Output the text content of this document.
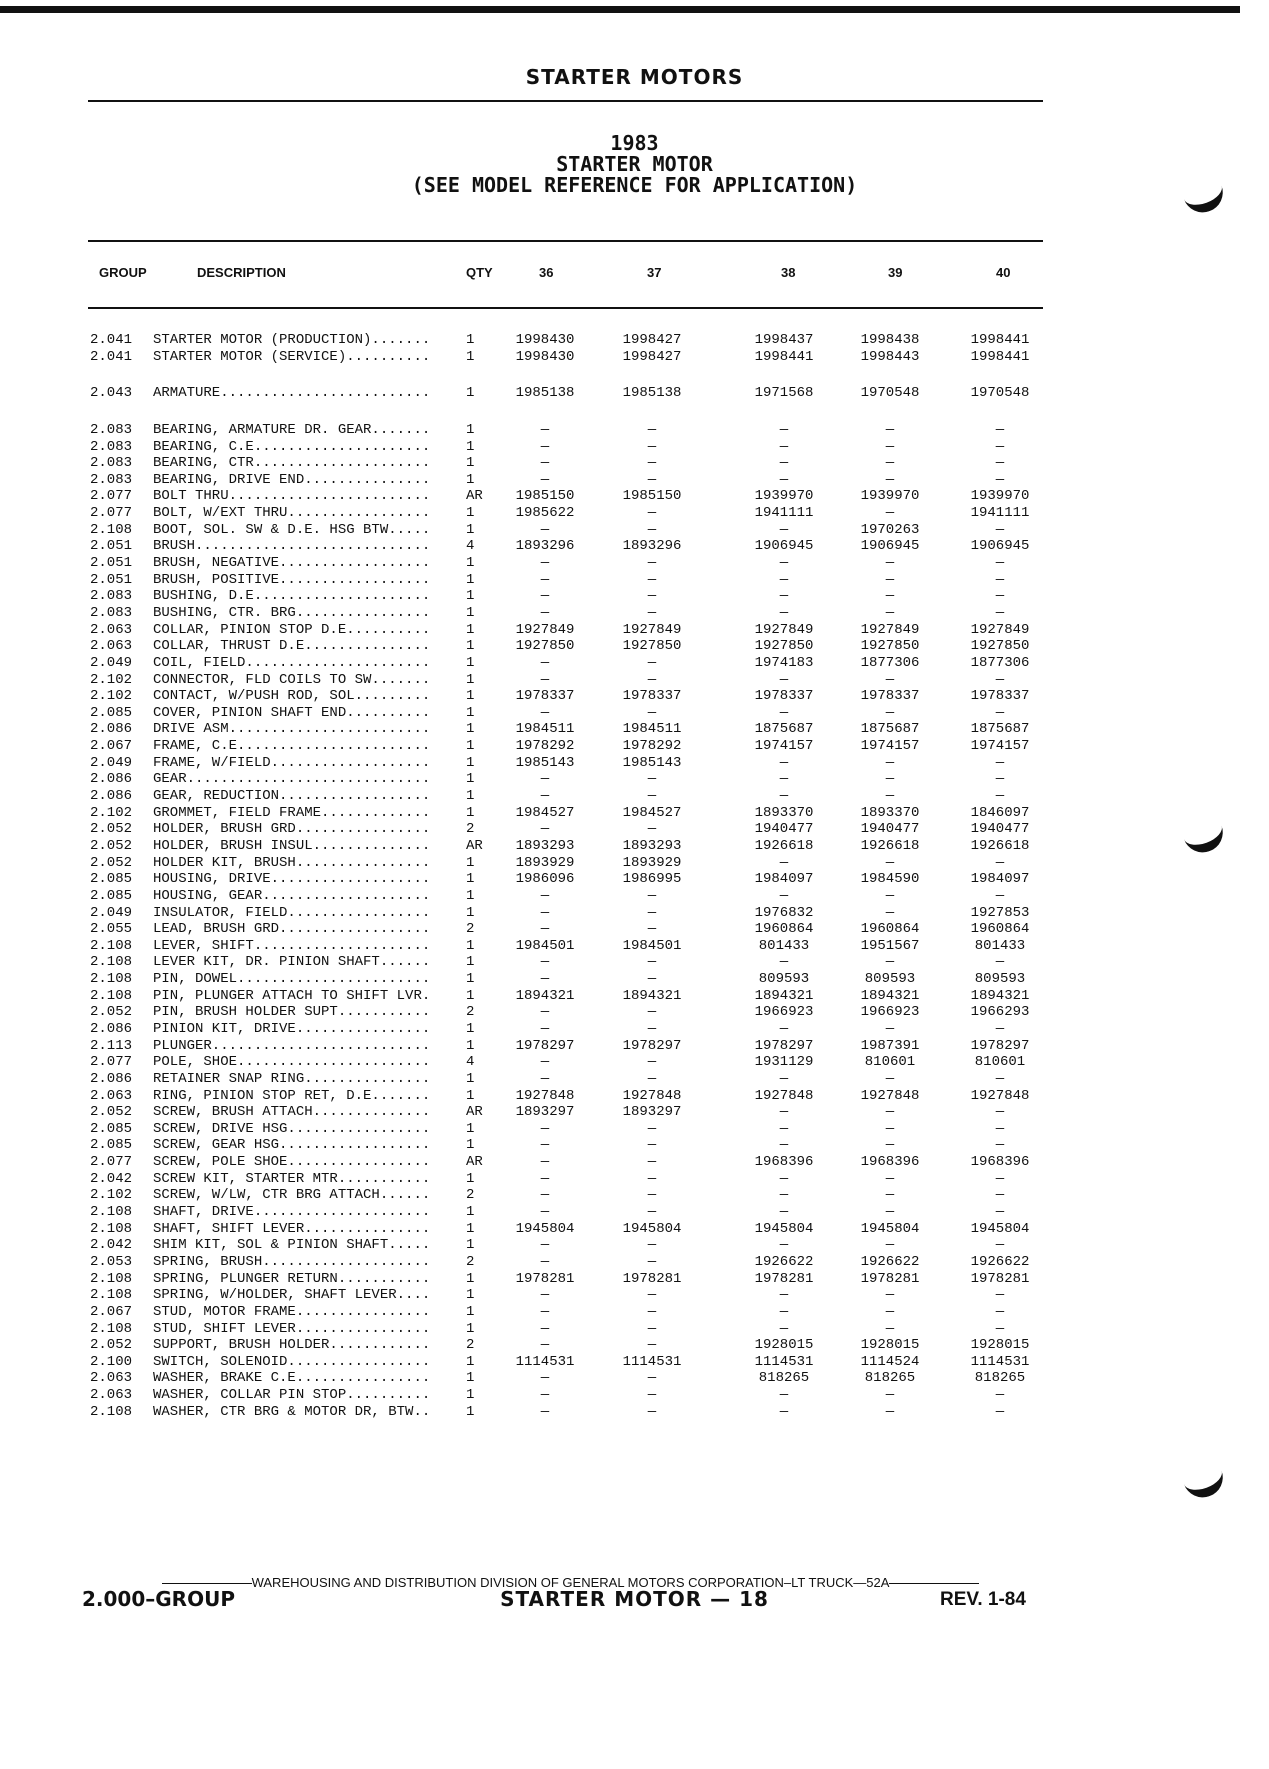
STARTER MOTORS
1983
STARTER MOTOR
(SEE MODEL REFERENCE FOR APPLICATION)
GROUP	DESCRIPTION	QTY	36	37	38	39	40
2.041 STARTER MOTOR (PRODUCTION).......	1	1998430	1998427	1998437	1998438	1998441
2.041 STARTER MOTOR (SERVICE)..........	1	1998430	1998427	1998441	1998443	1998441
2.043 ARMATURE.........................	1	1985138	1985138	1971568	1970548	1970548
2.083 BEARING, ARMATURE DR. GEAR.......	1	—	—	—	—	—
2.083 BEARING, C.E.....................	1	—	—	—	—	—
2.083 BEARING, CTR.....................	1	—	—	—	—	—
2.083 BEARING, DRIVE END...............	1	—	—	—	—	—
2.077 BOLT THRU........................	AR	1985150	1985150	1939970	1939970	1939970
2.077 BOLT, W/EXT THRU.................	1	1985622	—	1941111	—	1941111
2.108 BOOT, SOL. SW & D.E. HSG BTW.....	1	—	—	—	1970263	—
2.051 BRUSH............................	4	1893296	1893296	1906945	1906945	1906945
2.051 BRUSH, NEGATIVE..................	1	—	—	—	—	—
2.051 BRUSH, POSITIVE..................	1	—	—	—	—	—
2.083 BUSHING, D.E.....................	1	—	—	—	—	—
2.083 BUSHING, CTR. BRG................	1	—	—	—	—	—
2.063 COLLAR, PINION STOP D.E..........	1	1927849	1927849	1927849	1927849	1927849
2.063 COLLAR, THRUST D.E...............	1	1927850	1927850	1927850	1927850	1927850
2.049 COIL, FIELD......................	1	—	—	1974183	1877306	1877306
2.102 CONNECTOR, FLD COILS TO SW.......	1	—	—	—	—	—
2.102 CONTACT, W/PUSH ROD, SOL.........	1	1978337	1978337	1978337	1978337	1978337
2.085 COVER, PINION SHAFT END..........	1	—	—	—	—	—
2.086 DRIVE ASM........................	1	1984511	1984511	1875687	1875687	1875687
2.067 FRAME, C.E.......................	1	1978292	1978292	1974157	1974157	1974157
2.049 FRAME, W/FIELD...................	1	1985143	1985143	—	—	—
2.086 GEAR.............................	1	—	—	—	—	—
2.086 GEAR, REDUCTION..................	1	—	—	—	—	—
2.102 GROMMET, FIELD FRAME.............	1	1984527	1984527	1893370	1893370	1846097
2.052 HOLDER, BRUSH GRD................	2	—	—	1940477	1940477	1940477
2.052 HOLDER, BRUSH INSUL..............	AR	1893293	1893293	1926618	1926618	1926618
2.052 HOLDER KIT, BRUSH................	1	1893929	1893929	—	—	—
2.085 HOUSING, DRIVE...................	1	1986096	1986995	1984097	1984590	1984097
2.085 HOUSING, GEAR....................	1	—	—	—	—	—
2.049 INSULATOR, FIELD.................	1	—	—	1976832	—	1927853
2.055 LEAD, BRUSH GRD..................	2	—	—	1960864	1960864	1960864
2.108 LEVER, SHIFT.....................	1	1984501	1984501	801433	1951567	801433
2.108 LEVER KIT, DR. PINION SHAFT......	1	—	—	—	—	—
2.108 PIN, DOWEL.......................	1	—	—	809593	809593	809593
2.108 PIN, PLUNGER ATTACH TO SHIFT LVR.	1	1894321	1894321	1894321	1894321	1894321
2.052 PIN, BRUSH HOLDER SUPT...........	2	—	—	1966923	1966923	1966293
2.086 PINION KIT, DRIVE................	1	—	—	—	—	—
2.113 PLUNGER..........................	1	1978297	1978297	1978297	1987391	1978297
2.077 POLE, SHOE.......................	4	—	—	1931129	810601	810601
2.086 RETAINER SNAP RING...............	1	—	—	—	—	—
2.063 RING, PINION STOP RET, D.E.......	1	1927848	1927848	1927848	1927848	1927848
2.052 SCREW, BRUSH ATTACH..............	AR	1893297	1893297	—	—	—
2.085 SCREW, DRIVE HSG.................	1	—	—	—	—	—
2.085 SCREW, GEAR HSG..................	1	—	—	—	—	—
2.077 SCREW, POLE SHOE.................	AR	—	—	1968396	1968396	1968396
2.042 SCREW KIT, STARTER MTR...........	1	—	—	—	—	—
2.102 SCREW, W/LW, CTR BRG ATTACH......	2	—	—	—	—	—
2.108 SHAFT, DRIVE.....................	1	—	—	—	—	—
2.108 SHAFT, SHIFT LEVER...............	1	1945804	1945804	1945804	1945804	1945804
2.042 SHIM KIT, SOL & PINION SHAFT.....	1	—	—	—	—	—
2.053 SPRING, BRUSH....................	2	—	—	1926622	1926622	1926622
2.108 SPRING, PLUNGER RETURN...........	1	1978281	1978281	1978281	1978281	1978281
2.108 SPRING, W/HOLDER, SHAFT LEVER....	1	—	—	—	—	—
2.067 STUD, MOTOR FRAME................	1	—	—	—	—	—
2.108 STUD, SHIFT LEVER................	1	—	—	—	—	—
2.052 SUPPORT, BRUSH HOLDER............	2	—	—	1928015	1928015	1928015
2.100 SWITCH, SOLENOID.................	1	1114531	1114531	1114531	1114524	1114531
2.063 WASHER, BRAKE C.E................	1	—	—	818265	818265	818265
2.063 WASHER, COLLAR PIN STOP..........	1	—	—	—	—	—
2.108 WASHER, CTR BRG & MOTOR DR, BTW..	1	—	—	—	—	—
WAREHOUSING AND DISTRIBUTION DIVISION OF GENERAL MOTORS CORPORATION–LT TRUCK—52A
2.000–GROUP	STARTER MOTOR — 18	REV. 1-84
